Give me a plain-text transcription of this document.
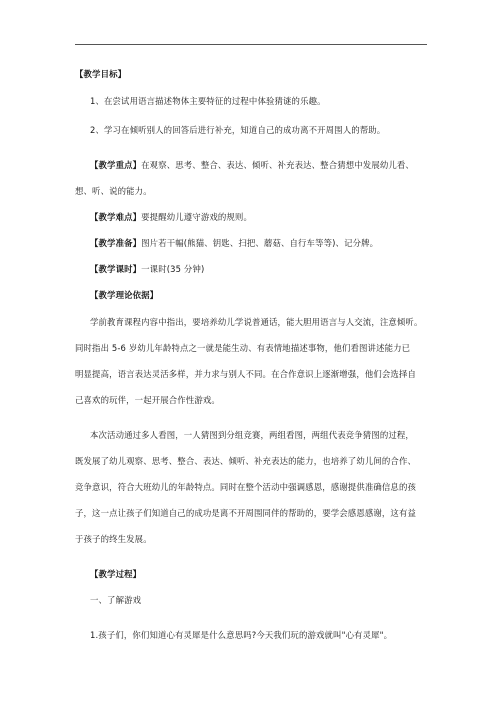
【教学目标】
1、在尝试用语言描述物体主要特征的过程中体验猜谜的乐趣。
2、学习在倾听别人的回答后进行补充，知道自己的成功离不开周围人的帮助。
【教学重点】在观察、思考、整合、表达、倾听、补充表达、整合猜想中发展幼儿看、
想、听、说的能力。
【教学难点】要提醒幼儿遵守游戏的规则。
【教学准备】图片若干幅(熊猫、钥匙、扫把、蘑菇、自行车等等)、记分牌。
【教学课时】一课时(35 分钟)
【教学理论依据】
学前教育课程内容中指出，要培养幼儿学说普通话，能大胆用语言与人交流，注意倾听。
同时指出 5-6 岁幼儿年龄特点之一就是能生动、有表情地描述事物，他们看图讲述能力已
明显提高，语言表达灵活多样，并力求与别人不同。在合作意识上逐渐增强，他们会选择自
己喜欢的玩伴，一起开展合作性游戏。
本次活动通过多人看图，一人猜图到分组竞赛，两组看图，两组代表竞争猜图的过程，
既发展了幼儿观察、思考、整合、表达、倾听、补充表达的能力，也培养了幼儿间的合作、
竞争意识，符合大班幼儿的年龄特点。同时在整个活动中强调感恩，感谢提供准确信息的孩
子，这一点让孩子们知道自己的成功是离不开周围同伴的帮助的，要学会感恩感谢，这有益
于孩子的终生发展。
【教学过程】
一、了解游戏
1.孩子们，你们知道心有灵犀是什么意思吗?今天我们玩的游戏就叫"心有灵犀"。
